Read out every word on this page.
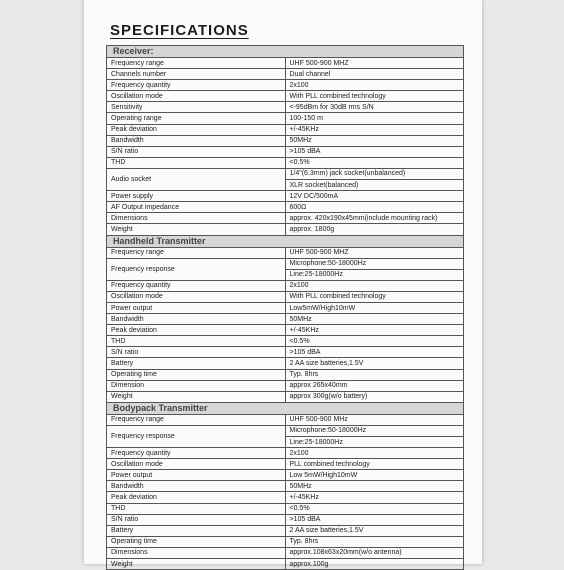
SPECIFICATIONS
Receiver:	
Frequency range	UHF 500-900 MHZ
Channels number	Dual channel
Frequency quantity	2x100
Oscillation mode	With PLL combined technology
Sensitivity	<-95dBm for 30dB rms S/N
Operating range	100-150 m
Peak deviation	+/-45KHz
Bandwidth	50MHz
S/N ratio	>105 dBA
THD	<0.5%
Audio socket	1/4"(6.3mm) jack socket(unbalanced)
	XLR socket(balanced)
Power supply	12V DC/500mA
AF Output impedance	600Ω
Dimensions	approx. 420x190x45mm(include mounting rack)
Weight	approx. 1800g
Handheld Transmitter	
Frequency range	UHF 500-900 MHZ
Frequency response	Microphone:50-18000Hz
	Line:25-18000Hz
Frequency quantity	2x100
Oscillation mode	With PLL combined technology
Power output	Low5mW/High10mW
Bandwidth	50MHz
Peak deviation	+/-45KHz
THD	<0.5%
S/N ratio	>105 dBA
Battery	2 AA size batteries,1.5V
Operating time	Typ. 8hrs
Dimension	approx 265x40mm
Weight	approx 300g(w/o battery)
Bodypack Transmitter	
Frequency range	UHF 500-900 MHz
Frequency response	Microphone:50-18000Hz
	Line:25-18000Hz
Frequency quantity	2x100
Oscillation mode	PLL combined technology
Power output	Low 5mW/High10mW
Bandwidth	50MHz
Peak deviation	+/-45KHz
THD	<0.5%
S/N ratio	>105 dBA
Battery	2 AA size batteries,1.5V
Operating time	Typ. 8hrs
Dimensions	approx.108x63x20mm(w/o antenna)
Weight	approx.100g
